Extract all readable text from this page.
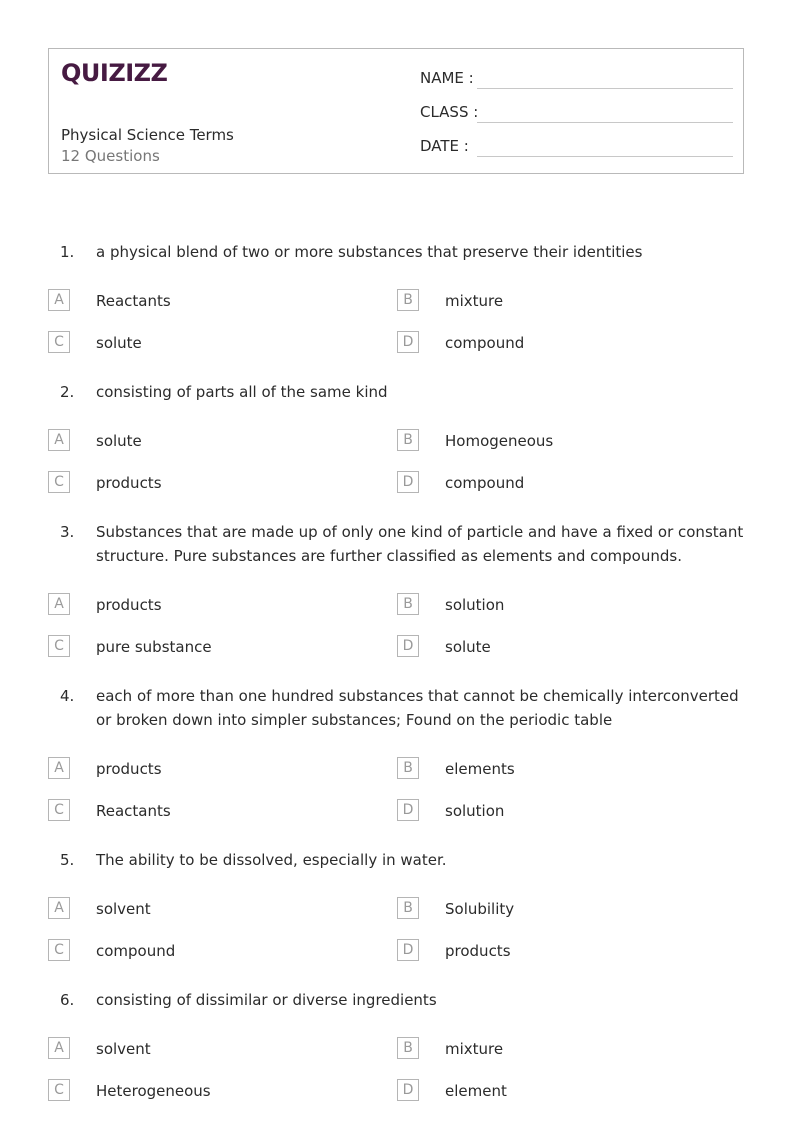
QUIZIZZ
Physical Science Terms
12 Questions
NAME :
CLASS :
DATE :
1. a physical blend of two or more substances that preserve their identities
A	Reactants	B	mixture
C	solute	D	compound
2. consisting of parts all of the same kind
A	solute	B	Homogeneous
C	products	D	compound
3. Substances that are made up of only one kind of particle and have a fixed or constant structure. Pure substances are further classified as elements and compounds.
A	products	B	solution
C	pure substance	D	solute
4. each of more than one hundred substances that cannot be chemically interconverted or broken down into simpler substances; Found on the periodic table
A	products	B	elements
C	Reactants	D	solution
5. The ability to be dissolved, especially in water.
A	solvent	B	Solubility
C	compound	D	products
6. consisting of dissimilar or diverse ingredients
A	solvent	B	mixture
C	Heterogeneous	D	element
